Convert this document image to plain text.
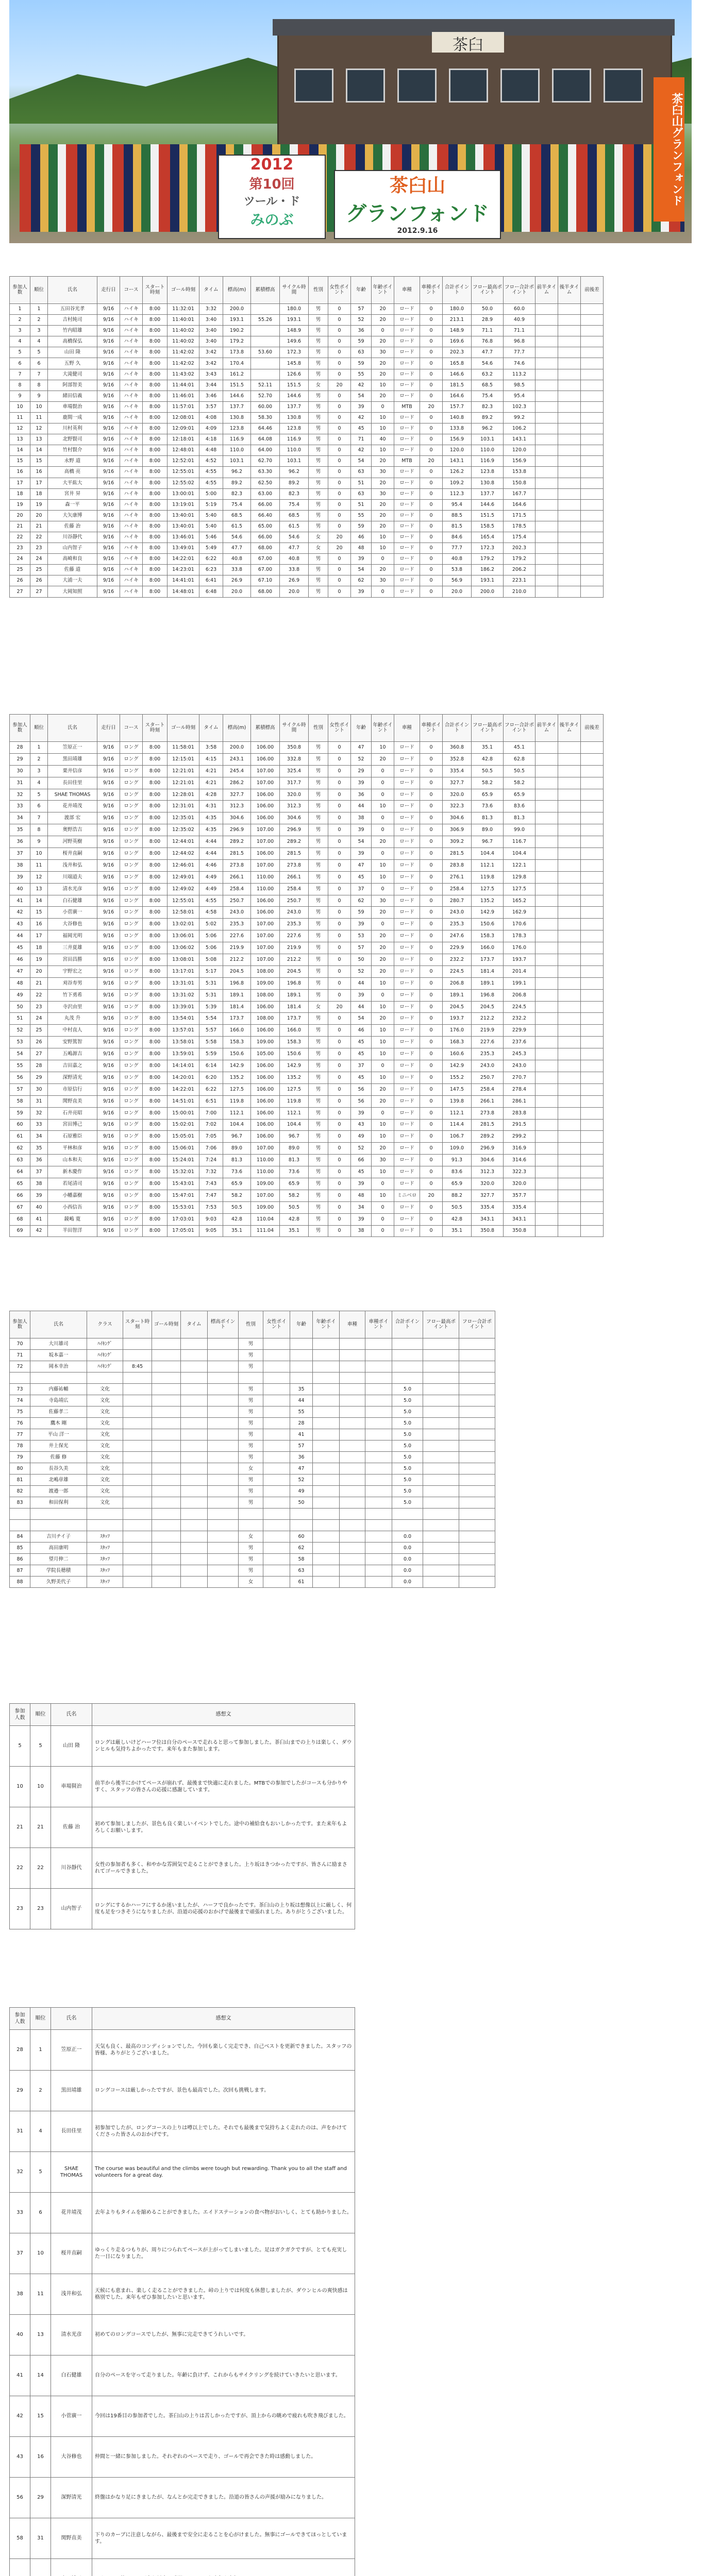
茶臼
2012
第10回
ツール・ド
みのぶ
茶臼山
グランフォンド
2012.9.16
茶臼山グランフォンド
参加人数	順位	氏名	走行日	コース	スタート時刻	ゴール時刻	タイム	標高(m)	累積標高	サイクル時間	性別	女性ポイント	年齢	年齢ポイント	車種	車種ポイント	合計ポイント	フロー最高ポイント	フロー合計ポイント	前半タイム	後半タイム	前後差
1	1	五田谷光孝	9/16	ハイキ	8:00	11:32:01	3:32	200.0		180.0	男	0	57	20	ロード	0	180.0	50.0	60.0			
2	2	吉村純司	9/16	ハイキ	8:00	11:40:01	3:40	193.1	55.26	193.1	男	0	52	20	ロード	0	213.1	28.9	40.9			
3	3	竹内昭雄	9/16	ハイキ	8:00	11:40:02	3:40	190.2		148.9	男	0	36	0	ロード	0	148.9	71.1	71.1			
4	4	高橋保弘	9/16	ハイキ	8:00	11:40:02	3:40	179.2		149.6	男	0	59	20	ロード	0	169.6	76.8	96.8			
5	5	山田 隆	9/16	ハイキ	8:00	11:42:02	3:42	173.8	53.60	172.3	男	0	63	30	ロード	0	202.3	47.7	77.7			
6	6	五野 久	9/16	ハイキ	8:00	11:42:02	3:42	170.4		145.8	男	0	59	20	ロード	0	165.8	54.6	74.6			
7	7	大滝健司	9/16	ハイキ	8:00	11:43:02	3:43	161.2		126.6	男	0	55	20	ロード	0	146.6	63.2	113.2			
8	8	阿部智美	9/16	ハイキ	8:00	11:44:01	3:44	151.5	52.11	151.5	女	20	42	10	ロード	0	181.5	68.5	98.5			
9	9	緒田信義	9/16	ハイキ	8:00	11:46:01	3:46	144.6	52.70	144.6	男	0	54	20	ロード	0	164.6	75.4	95.4			
10	10	車場賢治	9/16	ハイキ	8:00	11:57:01	3:57	137.7	60.00	137.7	男	0	39	0	MTB	20	157.7	82.3	102.3			
11	11	鹿間一成	9/16	ハイキ	8:00	12:08:01	4:08	130.8	58.30	130.8	男	0	42	10	ロード	0	140.8	89.2	99.2			
12	12	川村英利	9/16	ハイキ	8:00	12:09:01	4:09	123.8	64.46	123.8	男	0	45	10	ロード	0	133.8	96.2	106.2			
13	13	北野賢司	9/16	ハイキ	8:00	12:18:01	4:18	116.9	64.08	116.9	男	0	71	40	ロード	0	156.9	103.1	143.1			
14	14	竹村賢介	9/16	ハイキ	8:00	12:48:01	4:48	110.0	64.00	110.0	男	0	42	10	ロード	0	120.0	110.0	120.0			
15	15	永野 道	9/16	ハイキ	8:00	12:52:01	4:52	103.1	62.70	103.1	男	0	54	20	MTB	20	143.1	116.9	156.9			
16	16	高橋 亮	9/16	ハイキ	8:00	12:55:01	4:55	96.2	63.30	96.2	男	0	63	30	ロード	0	126.2	123.8	153.8			
17	17	大平紘大	9/16	ハイキ	8:00	12:55:02	4:55	89.2	62.50	89.2	男	0	51	20	ロード	0	109.2	130.8	150.8			
18	18	宮井 昇	9/16	ハイキ	8:00	13:00:01	5:00	82.3	63.00	82.3	男	0	63	30	ロード	0	112.3	137.7	167.7			
19	19	森一平	9/16	ハイキ	8:00	13:19:01	5:19	75.4	66.00	75.4	男	0	51	20	ロード	0	95.4	144.6	164.6			
20	20	大矢康博	9/16	ハイキ	8:00	13:40:01	5:40	68.5	66.40	68.5	男	0	55	20	ロード	0	88.5	151.5	171.5			
21	21	佐藤 治	9/16	ハイキ	8:00	13:40:01	5:40	61.5	65.00	61.5	男	0	59	20	ロード	0	81.5	158.5	178.5			
22	22	川谷靜代	9/16	ハイキ	8:00	13:46:01	5:46	54.6	66.00	54.6	女	20	46	10	ロード	0	84.6	165.4	175.4			
23	23	山内智子	9/16	ハイキ	8:00	13:49:01	5:49	47.7	68.00	47.7	女	20	48	10	ロード	0	77.7	172.3	202.3			
24	24	高崎和良	9/16	ハイキ	8:00	14:22:01	6:22	40.8	67.00	40.8	男	0	39	0	ロード	0	40.8	179.2	179.2			
25	25	佐藤 道	9/16	ハイキ	8:00	14:23:01	6:23	33.8	67.00	33.8	男	0	54	20	ロード	0	53.8	186.2	206.2			
26	26	大浦一夫	9/16	ハイキ	8:00	14:41:01	6:41	26.9	67.10	26.9	男	0	62	30	ロード	0	56.9	193.1	223.1			
27	27	大岡知照	9/16	ハイキ	8:00	14:48:01	6:48	20.0	68.00	20.0	男	0	39	0	ロード	0	20.0	200.0	210.0			
参加人数	順位	氏名	走行日	コース	スタート時刻	ゴール時刻	タイム	標高(m)	累積標高	サイクル時間	性別	女性ポイント	年齢	年齢ポイント	車種	車種ポイント	合計ポイント	フロー最高ポイント	フロー合計ポイント	前半タイム	後半タイム	前後差
28	1	笠原正一	9/16	ロング	8:00	11:58:01	3:58	200.0	106.00	350.8	男	0	47	10	ロード	0	360.8	35.1	45.1			
29	2	黒田靖雄	9/16	ロング	8:00	12:15:01	4:15	243.1	106.00	332.8	男	0	52	20	ロード	0	352.8	42.8	62.8			
30	3	栗井信彦	9/16	ロング	8:00	12:21:01	4:21	245.4	107.00	325.4	男	0	29	0	ロード	0	335.4	50.5	50.5			
31	4	長田佳里	9/16	ロング	8:00	12:21:01	4:21	286.2	107.00	317.7	男	0	39	0	ロード	0	327.7	58.2	58.2			
32	5	SHAE THOMAS	9/16	ロング	8:00	12:28:01	4:28	327.7	106.00	320.0	男	0	36	0	ロード	0	320.0	65.9	65.9			
33	6	花井靖茂	9/16	ロング	8:00	12:31:01	4:31	312.3	106.00	312.3	男	0	44	10	ロード	0	322.3	73.6	83.6			
34	7	渡部 宏	9/16	ロング	8:00	12:35:01	4:35	304.6	106.00	304.6	男	0	38	0	ロード	0	304.6	81.3	81.3			
35	8	奥野浩吉	9/16	ロング	8:00	12:35:02	4:35	296.9	107.00	296.9	男	0	39	0	ロード	0	306.9	89.0	99.0			
36	9	河野英樹	9/16	ロング	8:00	12:44:01	4:44	289.2	107.00	289.2	男	0	54	20	ロード	0	309.2	96.7	116.7			
37	10	桜井直嗣	9/16	ロング	8:00	12:44:02	4:44	281.5	106.00	281.5	男	0	39	0	ロード	0	281.5	104.4	104.4			
38	11	浅井和弘	9/16	ロング	8:00	12:46:01	4:46	273.8	107.00	273.8	男	0	47	10	ロード	0	283.8	112.1	122.1			
39	12	川端道夫	9/16	ロング	8:00	12:49:01	4:49	266.1	110.00	266.1	男	0	45	10	ロード	0	276.1	119.8	129.8			
40	13	清水光彦	9/16	ロング	8:00	12:49:02	4:49	258.4	110.00	258.4	男	0	37	0	ロード	0	258.4	127.5	127.5			
41	14	白石健雄	9/16	ロング	8:00	12:55:01	4:55	250.7	106.00	250.7	男	0	62	30	ロード	0	280.7	135.2	165.2			
42	15	小菅廣一	9/16	ロング	8:00	12:58:01	4:58	243.0	106.00	243.0	男	0	59	20	ロード	0	243.0	142.9	162.9			
43	16	大谷修也	9/16	ロング	8:00	13:02:01	5:02	235.3	107.00	235.3	男	0	39	0	ロード	0	235.3	150.6	170.6			
44	17	福岡光明	9/16	ロング	8:00	13:06:01	5:06	227.6	107.00	227.6	男	0	53	20	ロード	0	247.6	158.3	178.3			
45	18	三井夏雄	9/16	ロング	8:00	13:06:02	5:06	219.9	107.00	219.9	男	0	57	20	ロード	0	229.9	166.0	176.0			
46	19	宮田昌勝	9/16	ロング	8:00	13:08:01	5:08	212.2	107.00	212.2	男	0	50	20	ロード	0	232.2	173.7	193.7			
47	20	宇野宏之	9/16	ロング	8:00	13:17:01	5:17	204.5	108.00	204.5	男	0	52	20	ロード	0	224.5	181.4	201.4			
48	21	刈谷寿男	9/16	ロング	8:00	13:31:01	5:31	196.8	109.00	196.8	男	0	44	10	ロード	0	206.8	189.1	199.1			
49	22	竹下勇希	9/16	ロング	8:00	13:31:02	5:31	189.1	108.00	189.1	男	0	39	0	ロード	0	189.1	196.8	206.8			
50	23	寺沢由里	9/16	ロング	8:00	13:39:01	5:39	181.4	106.00	181.4	女	20	44	10	ロード	0	204.5	204.5	224.5			
51	24	丸茂 升	9/16	ロング	8:00	13:54:01	5:54	173.7	108.00	173.7	男	0	54	20	ロード	0	193.7	212.2	232.2			
52	25	中村直人	9/16	ロング	8:00	13:57:01	5:57	166.0	106.00	166.0	男	0	46	10	ロード	0	176.0	219.9	229.9			
53	26	安野篤智	9/16	ロング	8:00	13:58:01	5:58	158.3	109.00	158.3	男	0	45	10	ロード	0	168.3	227.6	237.6			
54	27	五嶋源吉	9/16	ロング	8:00	13:59:01	5:59	150.6	105.00	150.6	男	0	45	10	ロード	0	160.6	235.3	245.3			
55	28	吉田嘉之	9/16	ロング	8:00	14:14:01	6:14	142.9	106.00	142.9	男	0	37	0	ロード	0	142.9	243.0	243.0			
56	29	深野清光	9/16	ロング	8:00	14:20:01	6:20	135.2	106.00	135.2	男	0	45	10	ロード	0	155.2	250.7	270.7			
57	30	市原信行	9/16	ロング	8:00	14:22:01	6:22	127.5	106.00	127.5	男	0	56	20	ロード	0	147.5	258.4	278.4			
58	31	関野直美	9/16	ロング	8:00	14:51:01	6:51	119.8	106.00	119.8	男	0	56	20	ロード	0	139.8	266.1	286.1			
59	32	石井亮昭	9/16	ロング	8:00	15:00:01	7:00	112.1	106.00	112.1	男	0	39	0	ロード	0	112.1	273.8	283.8			
60	33	宮田博己	9/16	ロング	8:00	15:02:01	7:02	104.4	106.00	104.4	男	0	43	10	ロード	0	114.4	281.5	291.5			
61	34	石原雅臣	9/16	ロング	8:00	15:05:01	7:05	96.7	106.00	96.7	男	0	49	10	ロード	0	106.7	289.2	299.2			
62	35	平林和彦	9/16	ロング	8:00	15:06:01	7:06	89.0	107.00	89.0	男	0	52	20	ロード	0	109.0	296.9	316.9			
63	36	山本和夫	9/16	ロング	8:00	15:24:01	7:24	81.3	110.00	81.3	男	0	66	30	ロード	0	91.3	304.6	314.6			
64	37	新木慶作	9/16	ロング	8:00	15:32:01	7:32	73.6	110.00	73.6	男	0	45	10	ロード	0	83.6	312.3	322.3			
65	38	若尾清司	9/16	ロング	8:00	15:43:01	7:43	65.9	109.00	65.9	男	0	39	0	ロード	0	65.9	320.0	320.0			
66	39	小幡嘉樹	9/16	ロング	8:00	15:47:01	7:47	58.2	107.00	58.2	男	0	48	10	ミニベロ	20	88.2	327.7	357.7			
67	40	小西信吾	9/16	ロング	8:00	15:53:01	7:53	50.5	109.00	50.5	男	0	34	0	ロード	0	50.5	335.4	335.4			
68	41	鏡嶋 寛	9/16	ロング	8:00	17:03:01	9:03	42.8	110.04	42.8	男	0	39	0	ロード	0	42.8	343.1	343.1			
69	42	半田智洋	9/16	ロング	8:00	17:05:01	9:05	35.1	111.04	35.1	男	0	38	0	ロード	0	35.1	350.8	350.8			
参加人数	氏名	クラス	スタート時刻	ゴール時刻	タイム	標高ポイント	性別	女性ポイント	年齢	年齢ポイント	車種	車種ポイント	合計ポイント	フロー最高ポイント	フロー合計ポイント
70	大川雄司	ﾊｲｷﾝｸﾞ					男								
71	坂本嘉一	ﾊｲｷﾝｸﾞ					男								
72	岡本幸治	ﾊｲｷﾝｸﾞ	8:45				男								

73	内藤祐輔	文化					男		35				5.0		
74	寺島靖広	文化					男		44				5.0		
75	佐藤孝二	文化					男		55				5.0		
76	鷹木 剛	文化					男		28				5.0		
77	平山 洋一	文化					男		41				5.0		
78	井上保光	文化					男		57				5.0		
79	佐藤 修	文化					男		36				5.0		
80	長谷久美	文化					女		47				5.0		
81	北嶋章雄	文化					男		52				5.0		
82	渡邉一郎	文化					男		49				5.0		
83	和田保利	文化					男		50				5.0		

84	吉川チイ子	ｽﾀｯﾌ					女		60				0.0		
85	高田康明	ｽﾀｯﾌ					男		62				0.0		
86	望月伸二	ｽﾀｯﾌ					男		58				0.0		
87	学院長穂積	ｽﾀｯﾌ					男		63				0.0		
88	久野美代子	ｽﾀｯﾌ					女		61				0.0		
参加人数	順位	氏名	感想文
5	5	山田 隆	ロングは厳しいけどハーフ位は自分のペースで走れると思って参加しました。茶臼山までの上りは楽しく、ダウンヒルも気持ちよかったです。来年もまた参加します。
10	10	車場賢治	前半から後半にかけてペースが崩れず、最後まで快適に走れました。MTBでの参加でしたがコースも分かりやすく、スタッフの皆さんの応援に感謝しています。
21	21	佐藤 治	初めて参加しましたが、景色も良く楽しいイベントでした。途中の補給食もおいしかったです。また来年もよろしくお願いします。
22	22	川谷靜代	女性の参加者も多く、和やかな雰囲気で走ることができました。上り坂はきつかったですが、皆さんに励まされてゴールできました。
23	23	山内智子	ロングにするかハーフにするか迷いましたが、ハーフで良かったです。茶臼山の上り坂は想像以上に厳しく、何度も足をつきそうになりましたが、沿道の応援のおかげで最後まで頑張れました。ありがとうございました。
参加人数	順位	氏名	感想文
28	1	笠原正一	天気も良く、最高のコンディションでした。今回も楽しく完走でき、自己ベストを更新できました。スタッフの皆様、ありがとうございました。
29	2	黒田靖雄	ロングコースは厳しかったですが、景色も最高でした。次回も挑戦します。
31	4	長田佳里	初参加でしたが、ロングコースの上りは噂以上でした。それでも最後まで気持ちよく走れたのは、声をかけてくださった皆さんのおかげです。
32	5	SHAE THOMAS	The course was beautiful and the climbs were tough but rewarding. Thank you to all the staff and volunteers for a great day.
33	6	花井靖茂	去年よりもタイムを縮めることができました。エイドステーションの食べ物がおいしく、とても助かりました。
37	10	桜井直嗣	ゆっくり走るつもりが、周りにつられてペースが上がってしまいました。足はガクガクですが、とても充実した一日になりました。
38	11	浅井和弘	天候にも恵まれ、楽しく走ることができました。峠の上りでは何度も休憩しましたが、ダウンヒルの爽快感は格別でした。来年もぜひ参加したいと思います。
40	13	清水光彦	初めてのロングコースでしたが、無事に完走できてうれしいです。
41	14	白石健雄	自分のペースを守って走りました。年齢に負けず、これからもサイクリングを続けていきたいと思います。
42	15	小菅廣一	今回は19番目の参加者でした。茶臼山の上りは苦しかったですが、頂上からの眺めで疲れも吹き飛びました。
43	16	大谷修也	仲間と一緒に参加しました。それぞれのペースで走り、ゴールで再会できた時は感動しました。
56	29	深野清光	終盤はかなり足にきましたが、なんとか完走できました。沿道の皆さんの声援が励みになりました。
58	31	関野直美	下りのカーブに注意しながら、最後まで安全に走ることを心がけました。無事にゴールできてほっとしています。
